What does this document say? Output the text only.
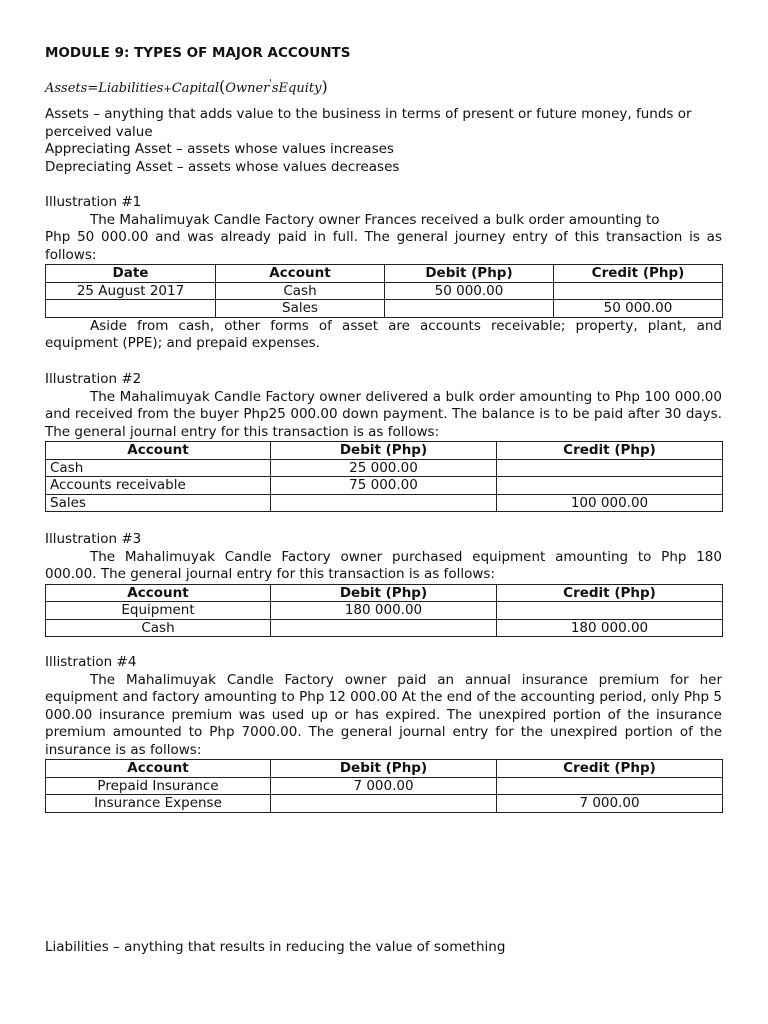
MODULE 9: TYPES OF MAJOR ACCOUNTS
Assets=Liabilities+Capital(Owner'sEquity)
Assets – anything that adds value to the business in terms of present or future money, funds or perceived value
Appreciating Asset – assets whose values increases
Depreciating Asset – assets whose values decreases
Illustration #1
The Mahalimuyak Candle Factory owner Frances received a bulk order amounting to
Php 50 000.00 and was already paid in full. The general journey entry of this transaction is as follows:
Date	Account	Debit (Php)	Credit (Php)
25 August 2017	Cash	50 000.00	
	Sales		50 000.00
Aside from cash, other forms of asset are accounts receivable; property, plant, and equipment (PPE); and prepaid expenses.
Illustration #2
The Mahalimuyak Candle Factory owner delivered a bulk order amounting to Php 100 000.00 and received from the buyer Php25 000.00 down payment. The balance is to be paid after 30 days. The general journal entry for this transaction is as follows:
Account	Debit (Php)	Credit (Php)
Cash	25 000.00	
Accounts receivable	75 000.00	
Sales		100 000.00
Illustration #3
The Mahalimuyak Candle Factory owner purchased equipment amounting to Php 180 000.00. The general journal entry for this transaction is as follows:
Account	Debit (Php)	Credit (Php)
Equipment	180 000.00	
Cash		180 000.00
Illistration #4
The Mahalimuyak Candle Factory owner paid an annual insurance premium for her equipment and factory amounting to Php 12 000.00 At the end of the accounting period, only Php 5 000.00 insurance premium was used up or has expired. The unexpired portion of the insurance premium amounted to Php 7000.00. The general journal entry for the unexpired portion of the insurance is as follows:
Account	Debit (Php)	Credit (Php)
Prepaid Insurance	7 000.00	
Insurance Expense		7 000.00
Liabilities – anything that results in reducing the value of something
